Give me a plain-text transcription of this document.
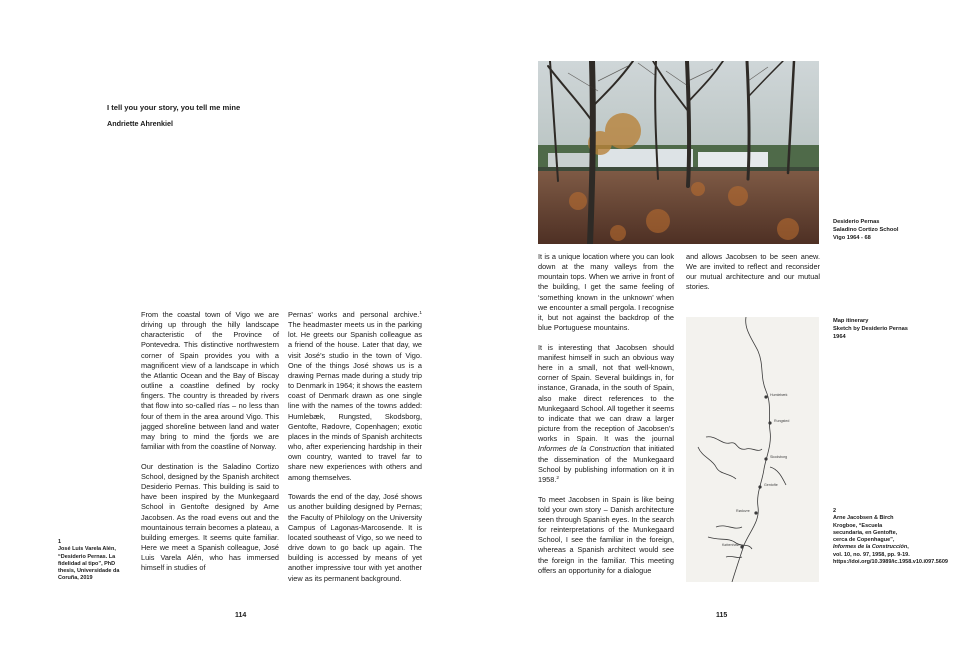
I tell you your story, you tell me mine
Andriette Ahrenkiel

From the coastal town of Vigo we are driving up through the hilly landscape characteristic of the Province of Pontevedra. This distinctive northwestern corner of Spain provides you with a magnificent view of a landscape in which the Atlantic Ocean and the Bay of Biscay outline a coastline defined by rocky fingers. The country is threaded by rivers that flow into so-called rías – no less than four of them in the area around Vigo. This jagged shoreline between land and water may bring to mind the fjords we are familiar with from the coastline of Norway.

Our destination is the Saladino Cortizo School, designed by the Spanish architect Desiderio Pernas. This building is said to have been inspired by the Munkegaard School in Gentofte designed by Arne Jacobsen. As the road evens out and the mountainous terrain becomes a plateau, a building emerges. It seems quite familiar. Here we meet a Spanish colleague, José Luis Varela Alén, who has immersed himself in studies of

Pernas’ works and personal archive.$^1$ The headmaster meets us in the parking lot. He greets our Spanish colleague as a friend of the house. Later that day, we visit José’s studio in the town of Vigo. One of the things José shows us is a drawing Pernas made during a study trip to Denmark in 1964; it shows the eastern coast of Denmark drawn as one single line with the names of the towns added: Humlebæk, Rungsted, Skodsborg, Gentofte, Rødovre, Copenhagen; exotic places in the minds of Spanish architects who, after experiencing hardship in their own country, wanted to travel far to share new experiences with others and among themselves.

Towards the end of the day, José shows us another building designed by Pernas; the Faculty of Philology on the University Campus of Lagonas-Marcosende. It is located southeast of Vigo, so we need to drive down to go back up again. The building is accessed by means of yet another impressive tour with yet another view as its permanent background.

1
José Luis Varela Alén, “Desiderio Pernas. La fidelidad al tipo”, PhD thesis, Universidade da Coruña, 2019
114
Desiderio Pernas
Saladino Cortizo School
Vigo 1964 - 68

It is a unique location where you can look down at the many valleys from the mountain tops. When we arrive in front of the building, I get the same feeling of ‘something known in the unknown’ when we encounter a small pergola. I recognise it, but not against the backdrop of the blue Portuguese mountains.

It is interesting that Jacobsen should manifest himself in such an obvious way here in a small, not that well-known, corner of Spain. Several buildings in, for instance, Granada, in the south of Spain, also make direct references to the Munkegaard School. All together it seems to indicate that we can draw a larger picture from the reception of Jacobsen’s works in Spain. It was the journal Informes de la Construction that initiated the dissemination of the Munkegaard School by publishing information on it in 1958.$^2$

To meet Jacobsen in Spain is like being told your own story – Danish architecture seen through Spanish eyes. In the search for reinterpretations of the Munkegaard School, I see the familiar in the foreign, whereas a Spanish architect would see the foreign in the familiar. This meeting offers an opportunity for a dialogue

and allows Jacobsen to be seen anew. We are invited to reflect and reconsider our mutual architecture and our mutual stories.

Humlebæk
Rungsted
Skodsborg
Gentofte
Rødovre
København
Map itinerary
Sketch by Desiderio Pernas
1964
2
Arne Jacobsen & Birch Krogboe, “Escuela secundaria, en Gentofte, cerca de Copenhague”, Informes de la Construcción, vol. 10, no. 97, 1958, pp. 9-19. https://doi.org/10.3989/ic.1958.v10.i097.5609
115
